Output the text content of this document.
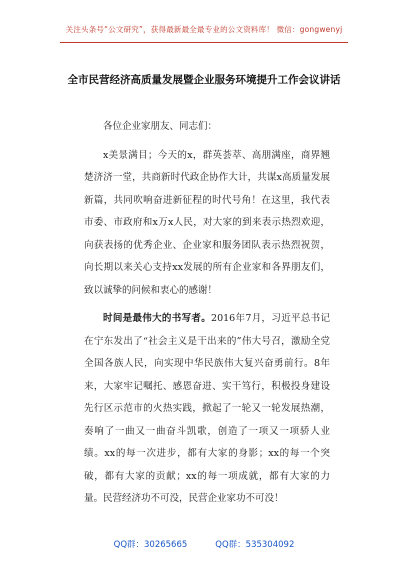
关注头条号“公文研究”，获得最新最全最专业的公文资料库！ 微信：gongwenyj
全市民营经济高质量发展暨企业服务环境提升工作会议讲话

各位企业家朋友、同志们：

x美景满目；今天的x，群英荟萃、高朋满座，商界翘楚济济一堂，共商新时代政企协作大计，共谋x高质量发展新篇，共同吹响奋进新征程的时代号角！在这里，我代表市委、市政府和x万x人民，对大家的到来表示热烈欢迎，向获表扬的优秀企业、企业家和服务团队表示热烈祝贺，向长期以来关心支持xx发展的所有企业家和各界朋友们，致以诚挚的问候和衷心的感谢！

时间是最伟大的书写者。2016年7月，习近平总书记在宁东发出了“社会主义是干出来的”伟大号召，激励全党全国各族人民，向实现中华民族伟大复兴奋勇前行。8年来，大家牢记嘱托、感恩奋进、实干笃行，积极投身建设先行区示范市的火热实践，掀起了一轮又一轮发展热潮，奏响了一曲又一曲奋斗凯歌，创造了一项又一项骄人业绩。xx的每一次进步，都有大家的身影；xx的每一个突破，都有大家的贡献；xx的每一项成就，都有大家的力量。民营经济功不可没，民营企业家功不可没！

QQ群：30265665	QQ群：535304092
